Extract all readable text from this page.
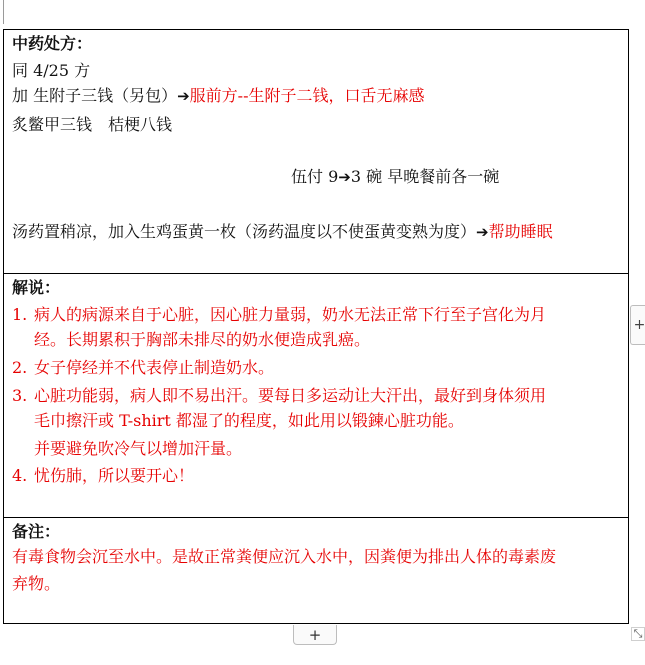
中药处方：
同 4/25 方
加 生附子三钱（另包）➔服前方--生附子二钱，口舌无麻感
炙鳖甲三钱　桔梗八钱
伍付 9➔3 碗 早晚餐前各一碗
汤药置稍凉，加入生鸡蛋黄一枚（汤药温度以不使蛋黄变熟为度）➔帮助睡眠
解说：
1. 病人的病源来自于心脏，因心脏力量弱，奶水无法正常下行至子宫化为月
经。长期累积于胸部未排尽的奶水便造成乳癌。
2. 女子停经并不代表停止制造奶水。
3. 心脏功能弱，病人即不易出汗。要每日多运动让大汗出，最好到身体须用
毛巾擦汗或 T-shirt 都湿了的程度，如此用以锻鍊心脏功能。
并要避免吹冷气以增加汗量。
4. 忧伤肺，所以要开心！
备注：
有毒食物会沉至水中。是故正常粪便应沉入水中，因粪便为排出人体的毒素废
弃物。
+
+	⤡
